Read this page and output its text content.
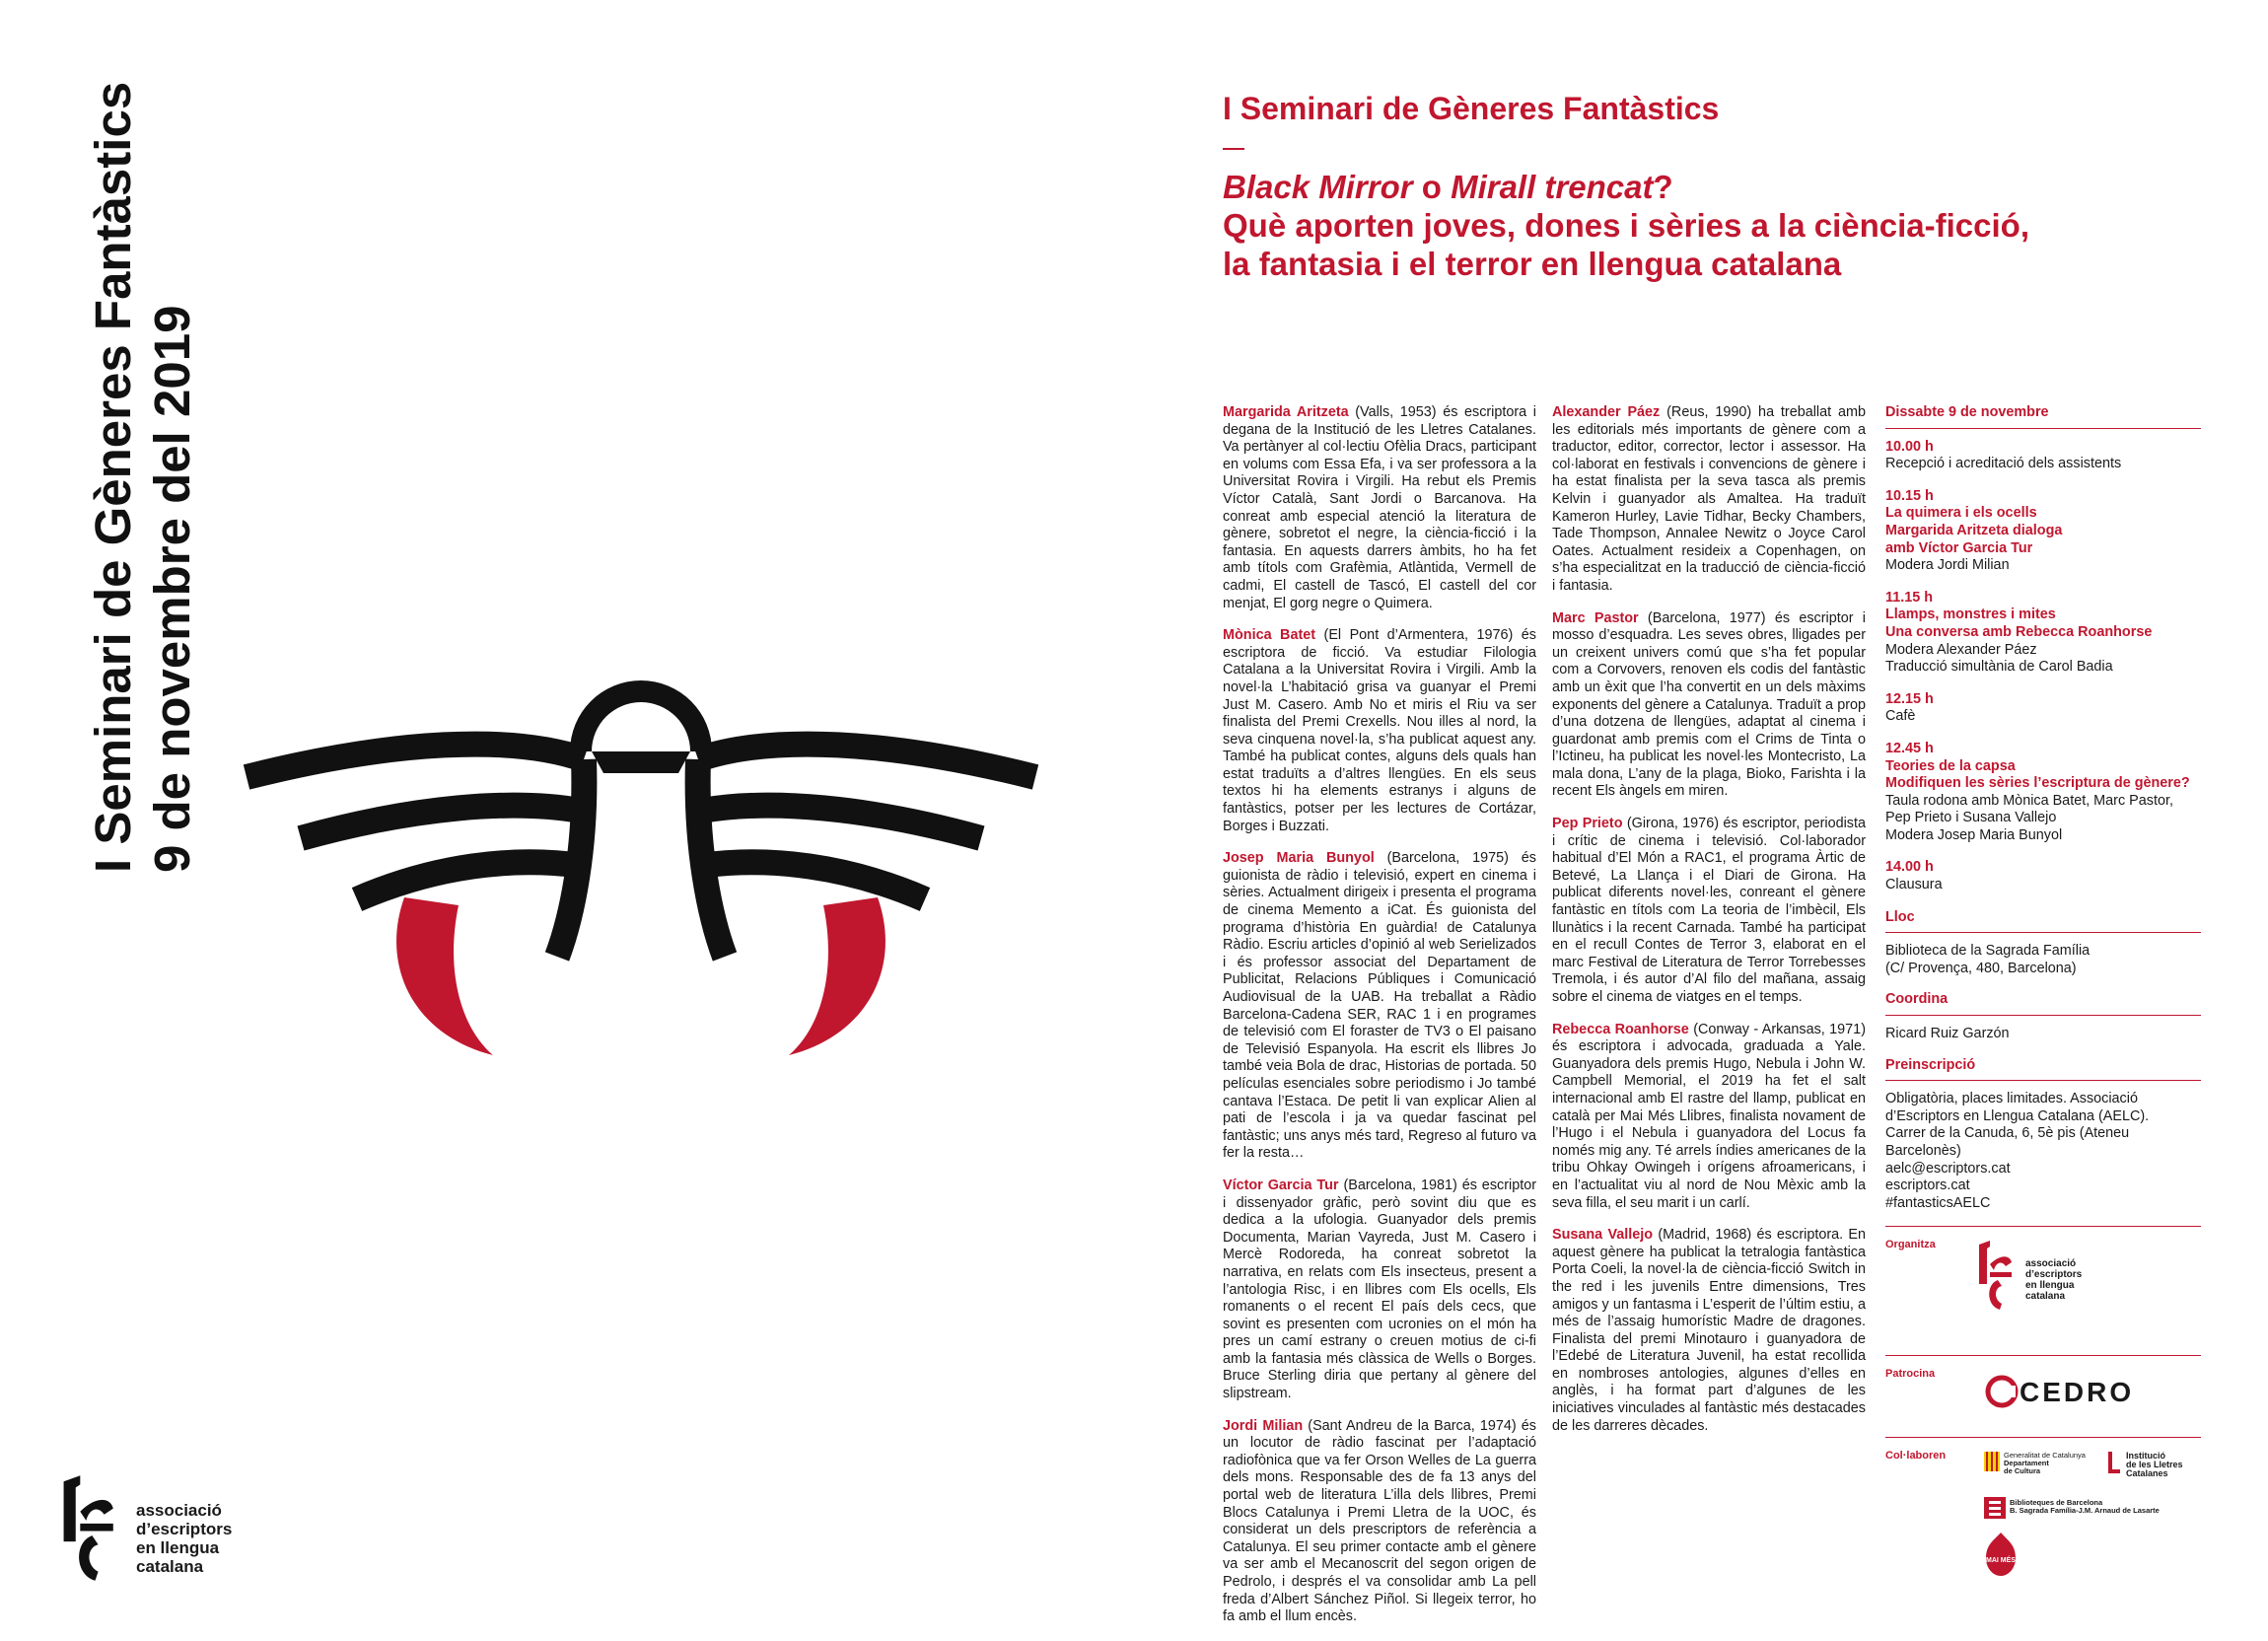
I Seminari de Gèneres Fantàstics 9 de novembre del 2019
I Seminari de Gèneres Fantàstics
Black Mirror o Mirall trencat?
Què aporten joves, dones i sèries a la ciència-ficció,
la fantasia i el terror en llengua catalana

Margarida Aritzeta (Valls, 1953) és escriptora i degana de la Institució de les Lletres Catalanes. Va pertànyer al col·lectiu Ofèlia Dracs, participant en volums com Essa Efa, i va ser professora a la Universitat Rovira i Virgili. Ha rebut els Premis Víctor Català, Sant Jordi o Barcanova. Ha conreat amb especial atenció la literatura de gènere, sobretot el negre, la ciència-ficció i la fantasia. En aquests darrers àmbits, ho ha fet amb títols com Grafèmia, Atlàntida, Vermell de cadmi, El castell de Tascó, El castell del cor menjat, El gorg negre o Quimera.

Mònica Batet (El Pont d’Armentera, 1976) és escriptora de ficció. Va estudiar Filologia Catalana a la Universitat Rovira i Virgili. Amb la novel·la L’habitació grisa va guanyar el Premi Just M. Casero. Amb No et miris el Riu va ser finalista del Premi Crexells. Nou illes al nord, la seva cinquena novel·la, s’ha publicat aquest any. També ha publicat contes, alguns dels quals han estat traduïts a d’altres llengües. En els seus textos hi ha elements estranys i alguns de fantàstics, potser per les lectures de Cortázar, Borges i Buzzati.

Josep Maria Bunyol (Barcelona, 1975) és guionista de ràdio i televisió, expert en cinema i sèries. Actualment dirigeix i presenta el programa de cinema Memento a iCat. És guionista del programa d’història En guàrdia! de Catalunya Ràdio. Escriu articles d’opinió al web Serielizados i és professor associat del Departament de Publicitat, Relacions Públiques i Comunicació Audiovisual de la UAB. Ha treballat a Ràdio Barcelona-Cadena SER, RAC 1 i en programes de televisió com El foraster de TV3 o El paisano de Televisió Espanyola. Ha escrit els llibres Jo també veia Bola de drac, Historias de portada. 50 películas esenciales sobre periodismo i Jo també cantava l’Estaca. De petit li van explicar Alien al pati de l’escola i ja va quedar fascinat pel fantàstic; uns anys més tard, Regreso al futuro va fer la resta…

Víctor Garcia Tur (Barcelona, 1981) és escriptor i dissenyador gràfic, però sovint diu que es dedica a la ufologia. Guanyador dels premis Documenta, Marian Vayreda, Just M. Casero i Mercè Rodoreda, ha conreat sobretot la narrativa, en relats com Els insecteus, present a l’antologia Risc, i en llibres com Els ocells, Els romanents o el recent El país dels cecs, que sovint es presenten com ucronies on el món ha pres un camí estrany o creuen motius de ci-fi amb la fantasia més clàssica de Wells o Borges. Bruce Sterling diria que pertany al gènere del slipstream.

Jordi Milian (Sant Andreu de la Barca, 1974) és un locutor de ràdio fascinat per l’adaptació radiofònica que va fer Orson Welles de La guerra dels mons. Responsable des de fa 13 anys del portal web de literatura L’illa dels llibres, Premi Blocs Catalunya i Premi Lletra de la UOC, és considerat un dels prescriptors de referència a Catalunya. El seu primer contacte amb el gènere va ser amb el Mecanoscrit del segon origen de Pedrolo, i després el va consolidar amb La pell freda d’Albert Sánchez Piñol. Si llegeix terror, ho fa amb el llum encès.

Alexander Páez (Reus, 1990) ha treballat amb les editorials més importants de gènere com a traductor, editor, corrector, lector i assessor. Ha col·laborat en festivals i convencions de gènere i ha estat finalista per la seva tasca als premis Kelvin i guanyador als Amaltea. Ha traduït Kameron Hurley, Lavie Tidhar, Becky Chambers, Tade Thompson, Annalee Newitz o Joyce Carol Oates. Actualment resideix a Copenhagen, on s’ha especialitzat en la traducció de ciència-ficció i fantasia.

Marc Pastor (Barcelona, 1977) és escriptor i mosso d’esquadra. Les seves obres, lligades per un creixent univers comú que s’ha fet popular com a Corvovers, renoven els codis del fantàstic amb un èxit que l’ha convertit en un dels màxims exponents del gènere a Catalunya. Traduït a prop d’una dotzena de llengües, adaptat al cinema i guardonat amb premis com el Crims de Tinta o l’Ictineu, ha publicat les novel·les Montecristo, La mala dona, L’any de la plaga, Bioko, Farishta i la recent Els àngels em miren.

Pep Prieto (Girona, 1976) és escriptor, periodista i crític de cinema i televisió. Col·laborador habitual d’El Món a RAC1, el programa Àrtic de Betevé, La Llança i el Diari de Girona. Ha publicat diferents novel·les, conreant el gènere fantàstic en títols com La teoria de l’imbècil, Els llunàtics i la recent Carnada. També ha participat en el recull Contes de Terror 3, elaborat en el marc Festival de Literatura de Terror Torrebesses Tremola, i és autor d’Al filo del mañana, assaig sobre el cinema de viatges en el temps.

Rebecca Roanhorse (Conway - Arkansas, 1971) és escriptora i advocada, graduada a Yale. Guanyadora dels premis Hugo, Nebula i John W. Campbell Memorial, el 2019 ha fet el salt internacional amb El rastre del llamp, publicat en català per Mai Més Llibres, finalista novament de l’Hugo i el Nebula i guanyadora del Locus fa només mig any. Té arrels índies americanes de la tribu Ohkay Owingeh i orígens afroamericans, i en l’actualitat viu al nord de Nou Mèxic amb la seva filla, el seu marit i un carlí.

Susana Vallejo (Madrid, 1968) és escriptora. En aquest gènere ha publicat la tetralogia fantàstica Porta Coeli, la novel·la de ciència-ficció Switch in the red i les juvenils Entre dimensions, Tres amigos y un fantasma i L’esperit de l’últim estiu, a més de l’assaig humorístic Madre de dragones. Finalista del premi Minotauro i guanyadora de l’Edebé de Literatura Juvenil, ha estat recollida en nombroses antologies, algunes d’elles en anglès, i ha format part d’algunes de les iniciatives vinculades al fantàstic més destacades de les darreres dècades.

Dissabte 9 de novembre
10.00 h
Recepció i acreditació dels assistents
10.15 h
La quimera i els ocells
Margarida Aritzeta dialoga
amb Víctor Garcia Tur
Modera Jordi Milian
11.15 h
Llamps, monstres i mites
Una conversa amb Rebecca Roanhorse
Modera Alexander Páez
Traducció simultània de Carol Badia
12.15 h
Cafè
12.45 h
Teories de la capsa
Modifiquen les sèries l’escriptura de gènere?
Taula rodona amb Mònica Batet, Marc Pastor,
Pep Prieto i Susana Vallejo
Modera Josep Maria Bunyol
14.00 h
Clausura
Lloc
Biblioteca de la Sagrada Família
(C/ Provença, 480, Barcelona)
Coordina
Ricard Ruiz Garzón
Preinscripció
Obligatòria, places limitades. Associació
d’Escriptors en Llengua Catalana (AELC).
Carrer de la Canuda, 6, 5è pis (Ateneu
Barcelonès)
aelc@escriptors.cat
escriptors.cat
#fantasticsAELC
Organitza
associació
d’escriptors
en llengua
catalana
Patrocina
CEDRO
Col·laboren	Generalitat de Catalunya
Departament
de Cultura
Institució
de les Lletres
Catalanes
Biblioteques de Barcelona
B. Sagrada Família-J.M. Arnaud de Lasarte
MAI MÉS
associació
d’escriptors
en llengua
catalana
